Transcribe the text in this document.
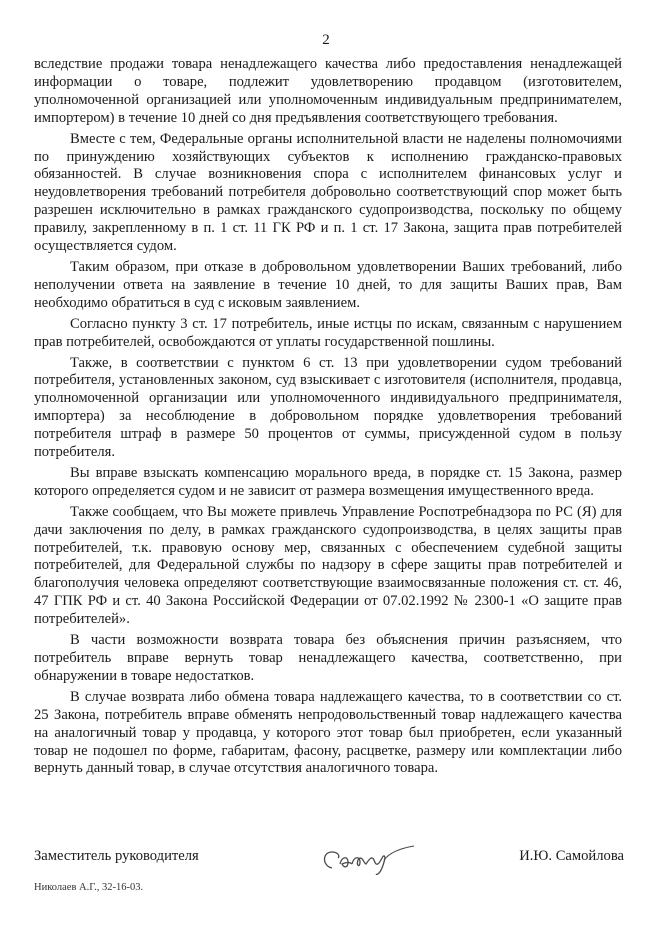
2

вследствие продажи товара ненадлежащего качества либо предоставления ненадлежащей информации о товаре, подлежит удовлетворению продавцом (изготовителем, уполномоченной организацией или уполномоченным индивидуальным предпринимателем, импортером) в течение 10 дней со дня предъявления соответствующего требования.

Вместе с тем, Федеральные органы исполнительной власти не наделены полномочиями по принуждению хозяйствующих субъектов к исполнению гражданско-правовых обязанностей. В случае возникновения спора с исполнителем финансовых услуг и неудовлетворения требований потребителя добровольно соответствующий спор может быть разрешен исключительно в рамках гражданского судопроизводства, поскольку по общему правилу, закрепленному в п. 1 ст. 11 ГК РФ и п. 1 ст. 17 Закона, защита прав потребителей осуществляется судом.

Таким образом, при отказе в добровольном удовлетворении Ваших требований, либо неполучении ответа на заявление в течение 10 дней, то для защиты Ваших прав, Вам необходимо обратиться в суд с исковым заявлением.

Согласно пункту 3 ст. 17 потребитель, иные истцы по искам, связанным с нарушением прав потребителей, освобождаются от уплаты государственной пошлины.

Также, в соответствии с пунктом 6 ст. 13 при удовлетворении судом требований потребителя, установленных законом, суд взыскивает с изготовителя (исполнителя, продавца, уполномоченной организации или уполномоченного индивидуального предпринимателя, импортера) за несоблюдение в добровольном порядке удовлетворения требований потребителя штраф в размере 50 процентов от суммы, присужденной судом в пользу потребителя.

Вы вправе взыскать компенсацию морального вреда, в порядке ст. 15 Закона, размер которого определяется судом и не зависит от размера возмещения имущественного вреда.

Также сообщаем, что Вы можете привлечь Управление Роспотребнадзора по РС (Я) для дачи заключения по делу, в рамках гражданского судопроизводства, в целях защиты прав потребителей, т.к. правовую основу мер, связанных с обеспечением судебной защиты потребителей, для Федеральной службы по надзору в сфере защиты прав потребителей и благополучия человека определяют соответствующие взаимосвязанные положения ст. ст. 46, 47 ГПК РФ и ст. 40 Закона Российской Федерации от 07.02.1992 № 2300-1 «О защите прав потребителей».

В части возможности возврата товара без объяснения причин разъясняем, что потребитель вправе вернуть товар ненадлежащего качества, соответственно, при обнаружении в товаре недостатков.

В случае возврата либо обмена товара надлежащего качества, то в соответствии со ст. 25 Закона, потребитель вправе обменять непродовольственный товар надлежащего качества на аналогичный товар у продавца, у которого этот товар был приобретен, если указанный товар не подошел по форме, габаритам, фасону, расцветке, размеру или комплектации либо вернуть данный товар, в случае отсутствия аналогичного товара.

Заместитель руководителя	И.Ю. Самойлова
Николаев А.Г., 32-16-03.
